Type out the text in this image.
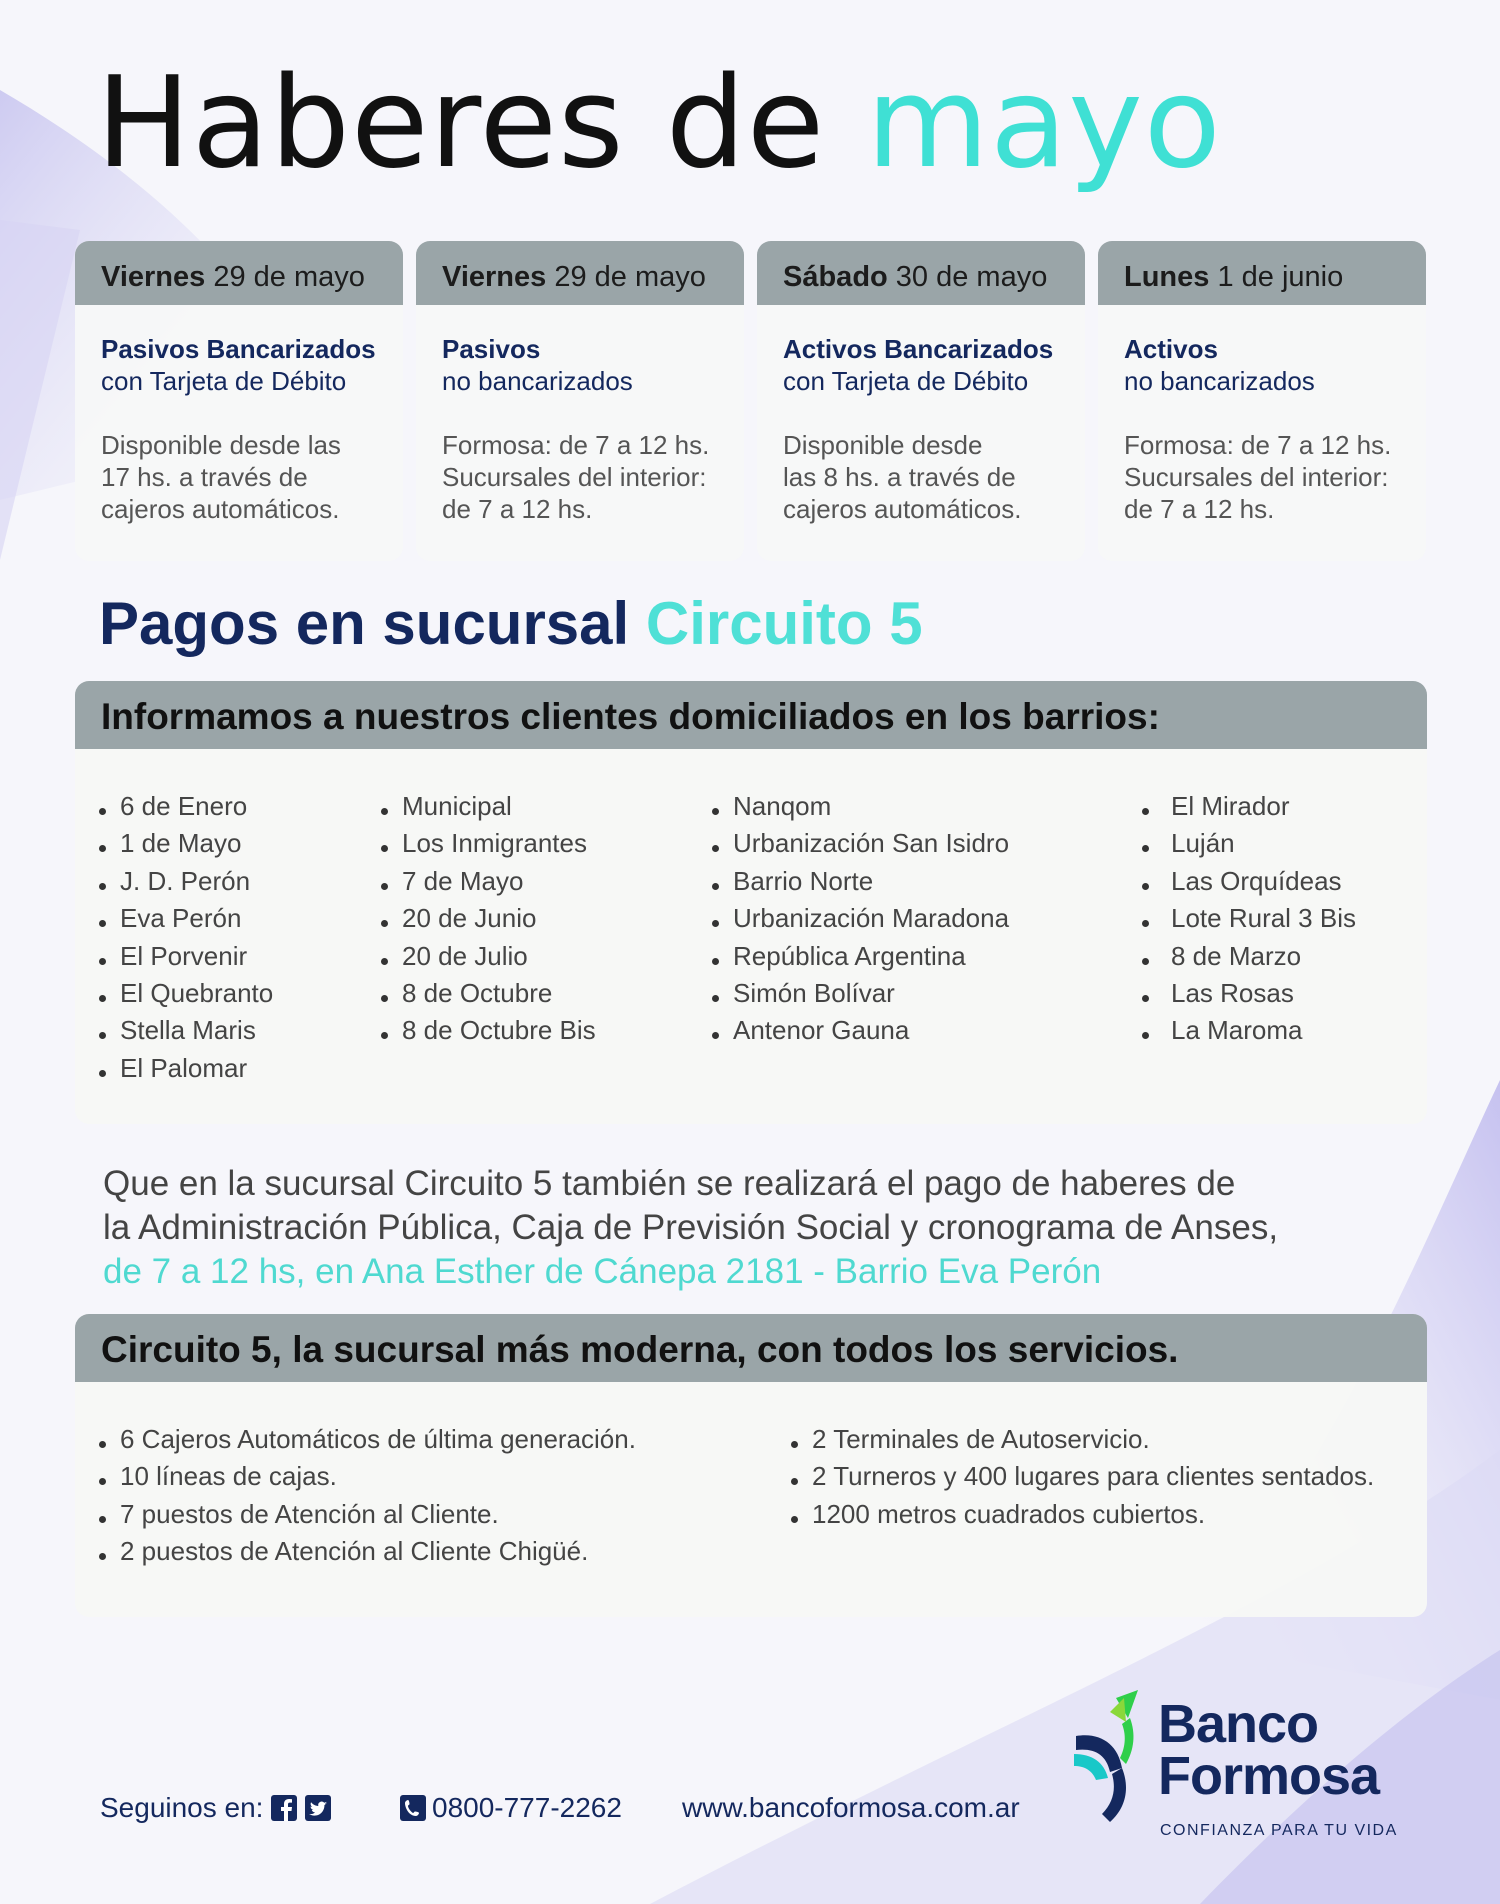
Haberes de mayo
Viernes 29 de mayo
Pasivos Bancarizados
con Tarjeta de Débito
Disponible desde las
17 hs. a través de
cajeros automáticos.
Viernes 29 de mayo
Pasivos
no bancarizados
Formosa: de 7 a 12 hs.
Sucursales del interior:
de 7 a 12 hs.
Sábado 30 de mayo
Activos Bancarizados
con Tarjeta de Débito
Disponible desde
las 8 hs. a través de
cajeros automáticos.
Lunes 1 de junio
Activos
no bancarizados
Formosa: de 7 a 12 hs.
Sucursales del interior:
de 7 a 12 hs.
Pagos en sucursal Circuito 5
Informamos a nuestros clientes domiciliados en los barrios:
6 de Enero
1 de Mayo
J. D. Perón
Eva Perón
El Porvenir
El Quebranto
Stella Maris
El Palomar
Municipal
Los Inmigrantes
7 de Mayo
20 de Junio
20 de Julio
8 de Octubre
8 de Octubre Bis
Nanqom
Urbanización San Isidro
Barrio Norte
Urbanización Maradona
República Argentina
Simón Bolívar
Antenor Gauna
El Mirador
Luján
Las Orquídeas
Lote Rural 3 Bis
8 de Marzo
Las Rosas
La Maroma
Que en la sucursal Circuito 5 también se realizará el pago de haberes de
la Administración Pública, Caja de Previsión Social y cronograma de Anses,
de 7 a 12 hs, en Ana Esther de Cánepa 2181 - Barrio Eva Perón
Circuito 5, la sucursal más moderna, con todos los servicios.
6 Cajeros Automáticos de última generación.
10 líneas de cajas.
7 puestos de Atención al Cliente.
2 puestos de Atención al Cliente Chigüé.
2 Terminales de Autoservicio.
2 Turneros y 400 lugares para clientes sentados.
1200 metros cuadrados cubiertos.
Seguinos en:	0800-777-2262 www.bancoformosa.com.ar
Banco
Formosa
CONFIANZA PARA TU VIDA
